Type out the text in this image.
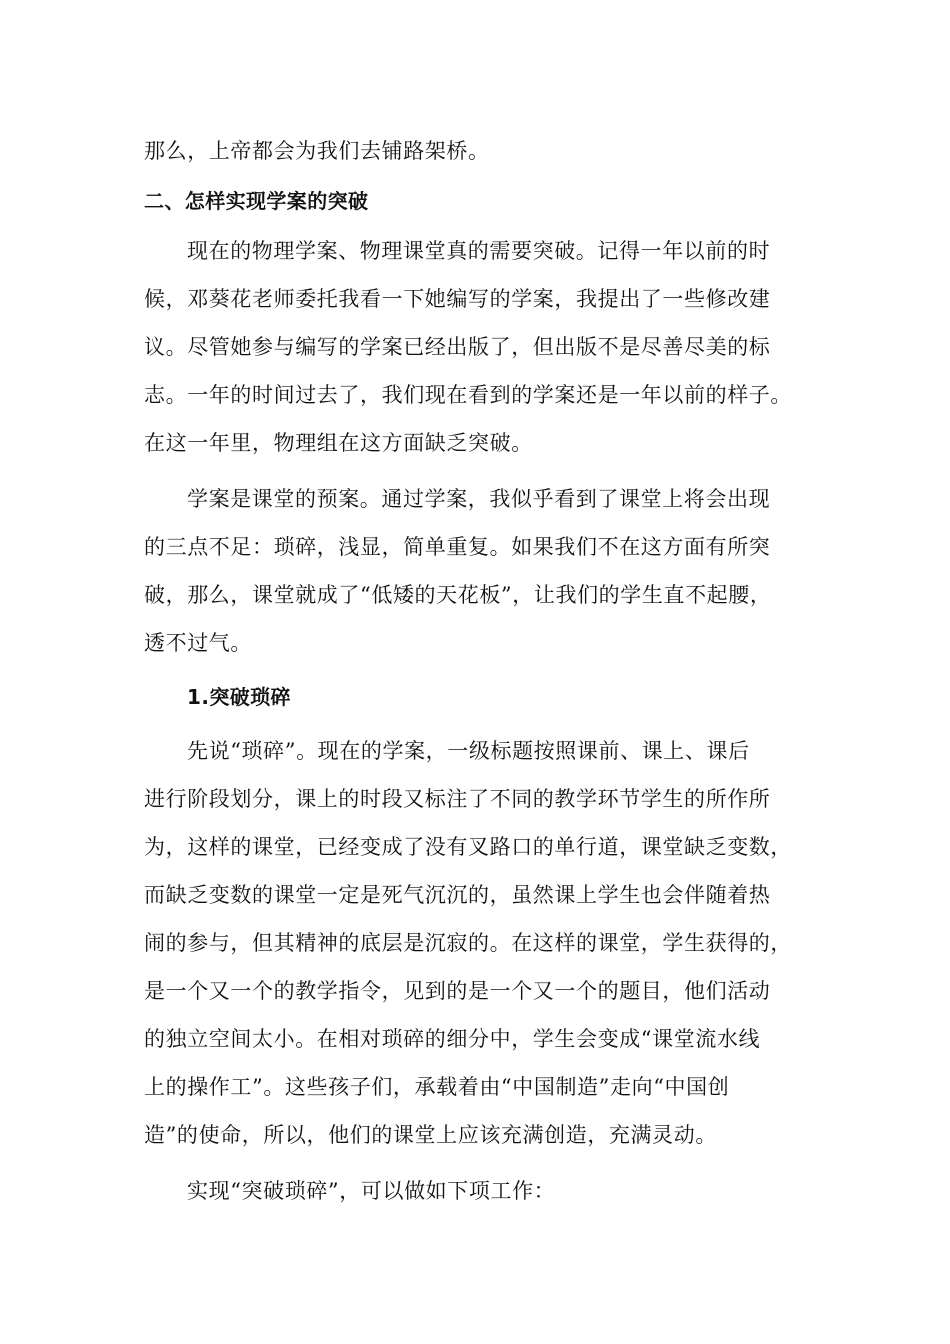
那么，上帝都会为我们去铺路架桥。

二、怎样实现学案的突破

现在的物理学案、物理课堂真的需要突破。记得一年以前的时

候，邓葵花老师委托我看一下她编写的学案，我提出了一些修改建

议。尽管她参与编写的学案已经出版了，但出版不是尽善尽美的标

志。一年的时间过去了，我们现在看到的学案还是一年以前的样子。

在这一年里，物理组在这方面缺乏突破。

学案是课堂的预案。通过学案，我似乎看到了课堂上将会出现

的三点不足：琐碎，浅显，简单重复。如果我们不在这方面有所突

破，那么，课堂就成了“低矮的天花板”，让我们的学生直不起腰，

透不过气。

1.突破琐碎

先说“琐碎”。现在的学案，一级标题按照课前、课上、课后

进行阶段划分，课上的时段又标注了不同的教学环节学生的所作所

为，这样的课堂，已经变成了没有叉路口的单行道，课堂缺乏变数，

而缺乏变数的课堂一定是死气沉沉的，虽然课上学生也会伴随着热

闹的参与，但其精神的底层是沉寂的。在这样的课堂，学生获得的，

是一个又一个的教学指令，见到的是一个又一个的题目，他们活动

的独立空间太小。在相对琐碎的细分中，学生会变成“课堂流水线

上的操作工”。这些孩子们，承载着由“中国制造”走向“中国创

造”的使命，所以，他们的课堂上应该充满创造，充满灵动。

实现“突破琐碎”，可以做如下项工作：
